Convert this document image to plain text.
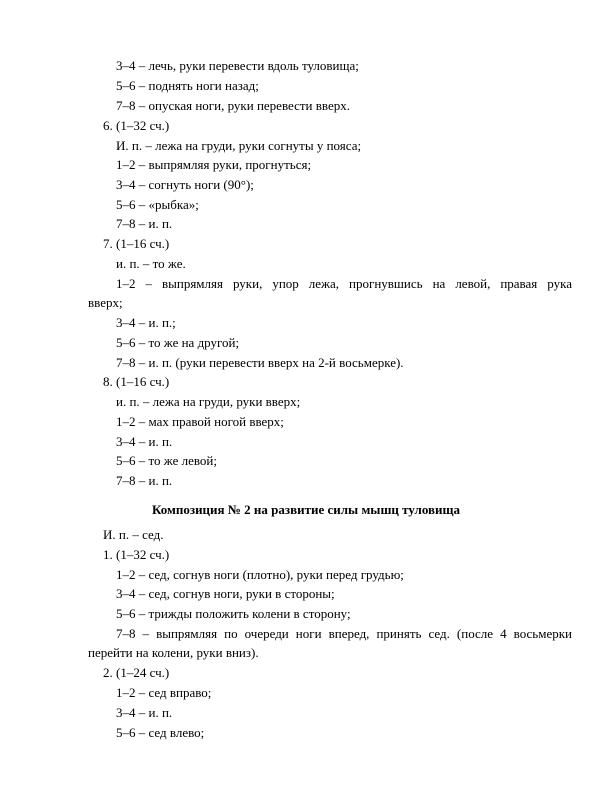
3–4 – лечь, руки перевести вдоль туловища;
5–6 – поднять ноги назад;
7–8 – опуская ноги, руки перевести вверх.
6. (1–32 сч.)
И. п. – лежа на груди, руки согнуты у пояса;
1–2 – выпрямляя руки, прогнуться;
3–4 – согнуть ноги (90°);
5–6 – «рыбка»;
7–8 – и. п.
7. (1–16 сч.)
и. п. – то же.
1–2 – выпрямляя руки, упор лежа, прогнувшись на левой, правая рука
вверх;
3–4 – и. п.;
5–6 – то же на другой;
7–8 – и. п. (руки перевести вверх на 2-й восьмерке).
8. (1–16 сч.)
и. п. – лежа на груди, руки вверх;
1–2 – мах правой ногой вверх;
3–4 – и. п.
5–6 – то же левой;
7–8 – и. п.
Композиция № 2 на развитие силы мышц туловища
И. п. – сед.
1. (1–32 сч.)
1–2 – сед, согнув ноги (плотно), руки перед грудью;
3–4 – сед, согнув ноги, руки в стороны;
5–6 – трижды положить колени в сторону;
7–8 – выпрямляя по очереди ноги вперед, принять сед. (после 4 восьмерки
перейти на колени, руки вниз).
2. (1–24 сч.)
1–2 – сед вправо;
3–4 – и. п.
5–6 – сед влево;
